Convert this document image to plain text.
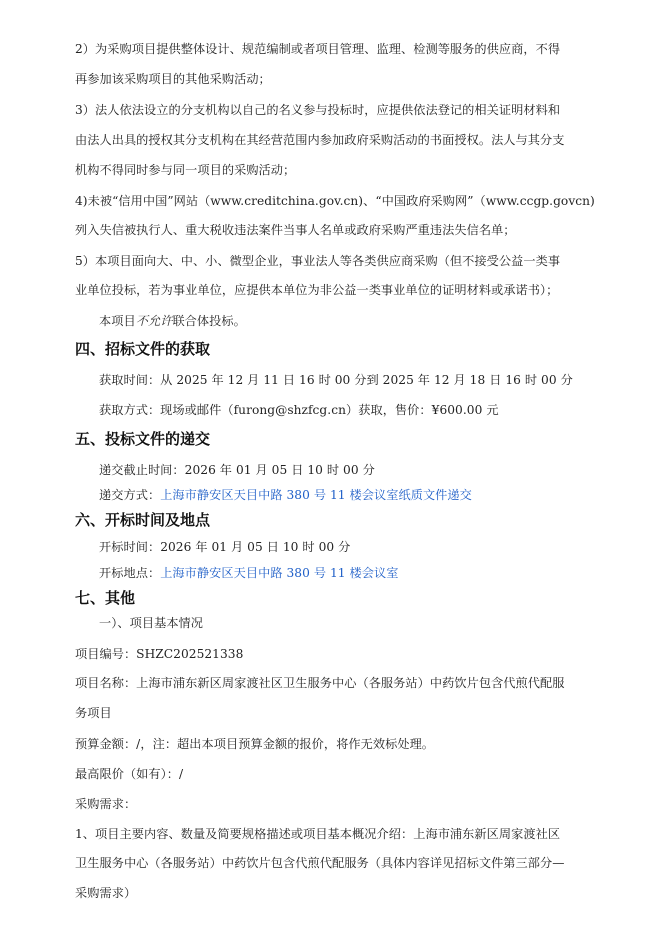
2）为采购项目提供整体设计、规范编制或者项目管理、监理、检测等服务的供应商，不得
再参加该采购项目的其他采购活动；
3）法人依法设立的分支机构以自己的名义参与投标时，应提供依法登记的相关证明材料和
由法人出具的授权其分支机构在其经营范围内参加政府采购活动的书面授权。法人与其分支
机构不得同时参与同一项目的采购活动；
4)未被“信用中国”网站（www.creditchina.gov.cn)、“中国政府采购网”（www.ccgp.govcn)
列入失信被执行人、重大税收违法案件当事人名单或政府采购严重违法失信名单；
5）本项目面向大、中、小、微型企业，事业法人等各类供应商采购（但不接受公益一类事
业单位投标，若为事业单位，应提供本单位为非公益一类事业单位的证明材料或承诺书）；
本项目不允许联合体投标。
四、招标文件的获取
获取时间：从 2025 年 12 月 11 日 16 时 00 分到 2025 年 12 月 18 日 16 时 00 分
获取方式：现场或邮件（furong@shzfcg.cn）获取，售价：¥600.00 元
五、投标文件的递交
递交截止时间：2026 年 01 月 05 日 10 时 00 分
递交方式：上海市静安区天目中路 380 号 11 楼会议室纸质文件递交
六、开标时间及地点
开标时间：2026 年 01 月 05 日 10 时 00 分
开标地点：上海市静安区天目中路 380 号 11 楼会议室
七、其他
一）、项目基本情况
项目编号：SHZC202521338
项目名称：上海市浦东新区周家渡社区卫生服务中心（各服务站）中药饮片包含代煎代配服
务项目
预算金额：/，注：超出本项目预算金额的报价，将作无效标处理。
最高限价（如有）：/
采购需求：
1、项目主要内容、数量及简要规格描述或项目基本概况介绍：上海市浦东新区周家渡社区
卫生服务中心（各服务站）中药饮片包含代煎代配服务（具体内容详见招标文件第三部分—
采购需求）
